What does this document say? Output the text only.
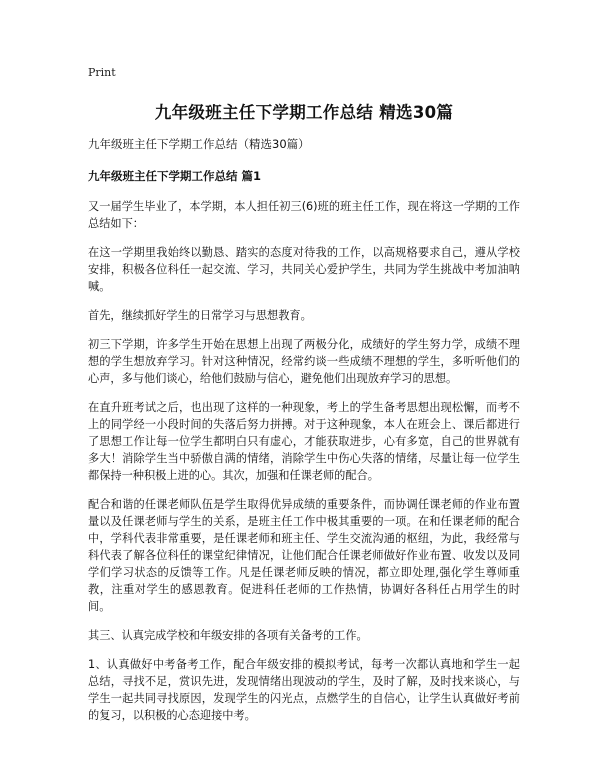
Print
九年级班主任下学期工作总结 精选30篇
九年级班主任下学期工作总结（精选30篇）
九年级班主任下学期工作总结 篇1

又一届学生毕业了，本学期，本人担任初三(6)班的班主任工作，现在将这一学期的工作总结如下：

在这一学期里我始终以勤恳、踏实的态度对待我的工作，以高规格要求自己，遵从学校安排，积极各位科任一起交流、学习，共同关心爱护学生，共同为学生挑战中考加油呐喊。

首先，继续抓好学生的日常学习与思想教育。

初三下学期，许多学生开始在思想上出现了两极分化，成绩好的学生努力学，成绩不理想的学生想放弃学习。针对这种情况，经常约谈一些成绩不理想的学生，多听听他们的心声，多与他们谈心，给他们鼓励与信心，避免他们出现放弃学习的思想。

在直升班考试之后，也出现了这样的一种现象，考上的学生备考思想出现松懈，而考不上的同学经一小段时间的失落后努力拼搏。对于这种现象，本人在班会上、课后都进行了思想工作让每一位学生都明白只有虚心，才能获取进步，心有多宽，自己的世界就有多大！消除学生当中骄傲自满的情绪，消除学生中伤心失落的情绪，尽量让每一位学生都保持一种积极上进的心。其次，加强和任课老师的配合。

配合和谐的任课老师队伍是学生取得优异成绩的重要条件，而协调任课老师的作业布置量以及任课老师与学生的关系，是班主任工作中极其重要的一项。在和任课老师的配合中，学科代表非常重要，是任课老师和班主任、学生交流沟通的枢纽，为此，我经常与科代表了解各位科任的课堂纪律情况，让他们配合任课老师做好作业布置、收发以及同学们学习状态的反馈等工作。凡是任课老师反映的情况，都立即处理,强化学生尊师重教，注重对学生的感恩教育。促进科任老师的工作热情，协调好各科任占用学生的时间。

其三、认真完成学校和年级安排的各项有关备考的工作。

1、认真做好中考备考工作，配合年级安排的模拟考试，每考一次都认真地和学生一起总结，寻找不足，赏识先进，发现情绪出现波动的学生，及时了解，及时找来谈心，与学生一起共同寻找原因，发现学生的闪光点，点燃学生的自信心，让学生认真做好考前的复习，以积极的心态迎接中考。
